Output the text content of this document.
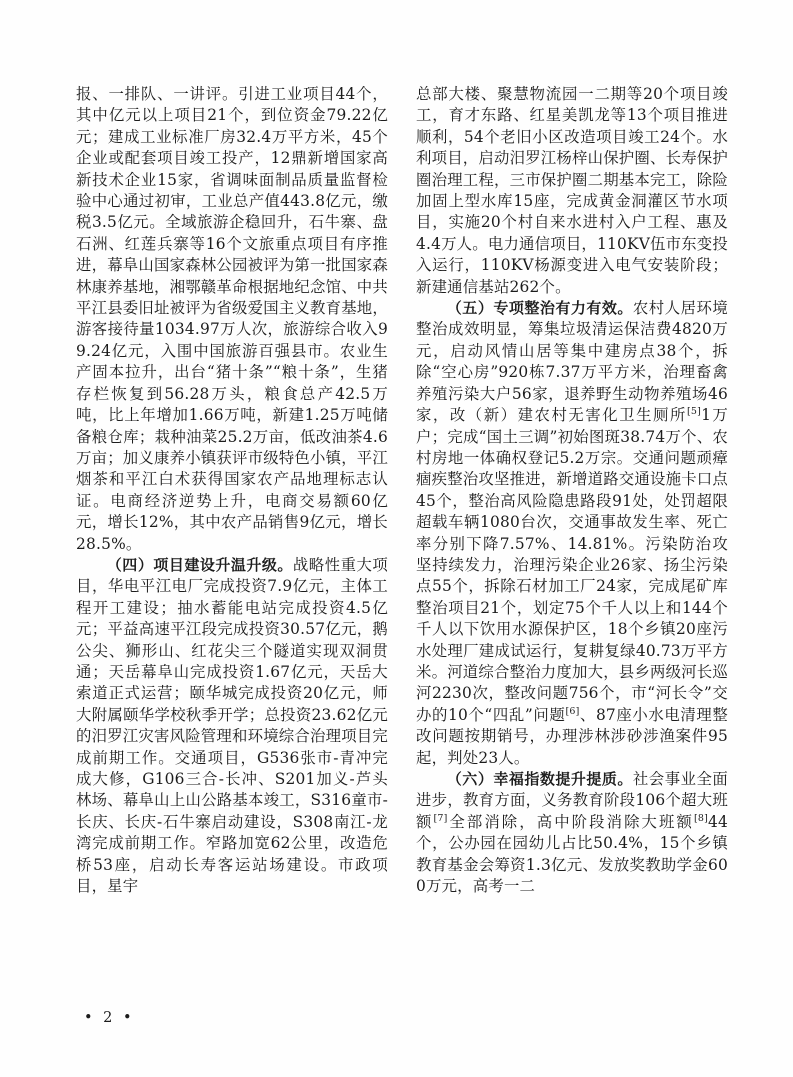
报、一排队、一讲评。引进工业项目44个，其中亿元以上项目21个，到位资金79.22亿元；建成工业标准厂房32.4万平方米，45个企业或配套项目竣工投产，12鼎新增国家高新技术企业15家，省调味面制品质量监督检验中心通过初审，工业总产值443.8亿元，缴税3.5亿元。全域旅游企稳回升，石牛寨、盘石洲、红莲兵寨等16个文旅重点项目有序推进，幕阜山国家森林公园被评为第一批国家森林康养基地，湘鄂赣革命根据地纪念馆、中共平江县委旧址被评为省级爱国主义教育基地，游客接待量1034.97万人次，旅游综合收入99.24亿元，入围中国旅游百强县市。农业生产固本拉升，出台“猪十条”“粮十条”，生猪存栏恢复到56.28万头，粮食总产42.5万吨，比上年增加1.66万吨，新建1.25万吨储备粮仓库；栽种油菜25.2万亩，低改油茶4.6万亩；加义康养小镇获评市级特色小镇，平江烟茶和平江白术获得国家农产品地理标志认证。电商经济逆势上升，电商交易额60亿元，增长12%，其中农产品销售9亿元，增长28.5%。

（四）项目建设升温升级。战略性重大项目，华电平江电厂完成投资7.9亿元，主体工程开工建设；抽水蓄能电站完成投资4.5亿元；平益高速平江段完成投资30.57亿元，鹅公尖、狮形山、红花尖三个隧道实现双洞贯通；天岳幕阜山完成投资1.67亿元，天岳大索道正式运营；颐华城完成投资20亿元，师大附属颐华学校秋季开学；总投资23.62亿元的汨罗江灾害风险管理和环境综合治理项目完成前期工作。交通项目，G536张市-青冲完成大修，G106三合-长冲、S201加义-芦头林场、幕阜山上山公路基本竣工，S316童市-长庆、长庆-石牛寨启动建设，S308南江-龙湾完成前期工作。窄路加宽62公里，改造危桥53座，启动长寿客运站场建设。市政项目，星宇

总部大楼、聚慧物流园一二期等20个项目竣工，育才东路、红星美凯龙等13个项目推进顺利，54个老旧小区改造项目竣工24个。水利项目，启动汨罗江杨梓山保护圈、长寿保护圈治理工程，三市保护圈二期基本完工，除险加固上型水库15座，完成黄金洞灌区节水项目，实施20个村自来水进村入户工程、惠及4.4万人。电力通信项目，110KV伍市东变投入运行，110KV杨源变进入电气安装阶段；新建通信基站262个。

（五）专项整治有力有效。农村人居环境整治成效明显，筹集垃圾清运保洁费4820万元，启动风情山居等集中建房点38个，拆除“空心房”920栋7.37万平方米，治理畜禽养殖污染大户56家，退养野生动物养殖场46家，改（新）建农村无害化卫生厕所[5]1万户；完成“国土三调”初始图斑38.74万个、农村房地一体确权登记5.2万宗。交通问题顽瘴痼疾整治攻坚推进，新增道路交通设施卡口点45个，整治高风险隐患路段91处，处罚超限超载车辆1080台次，交通事故发生率、死亡率分别下降7.57%、14.81%。污染防治攻坚持续发力，治理污染企业26家、扬尘污染点55个，拆除石材加工厂24家，完成尾矿库整治项目21个，划定75个千人以上和144个千人以下饮用水源保护区，18个乡镇20座污水处理厂建成试运行，复耕复绿40.73万平方米。河道综合整治力度加大，县乡两级河长巡河2230次，整改问题756个，市“河长令”交办的10个“四乱”问题[6]、87座小水电清理整改问题按期销号，办理涉林涉砂涉渔案件95起，判处23人。

（六）幸福指数提升提质。社会事业全面进步，教育方面，义务教育阶段106个超大班额[7]全部消除，高中阶段消除大班额[8]44个，公办园在园幼儿占比50.4%，15个乡镇教育基金会筹资1.3亿元、发放奖教助学金600万元，高考一二

• 2 •
